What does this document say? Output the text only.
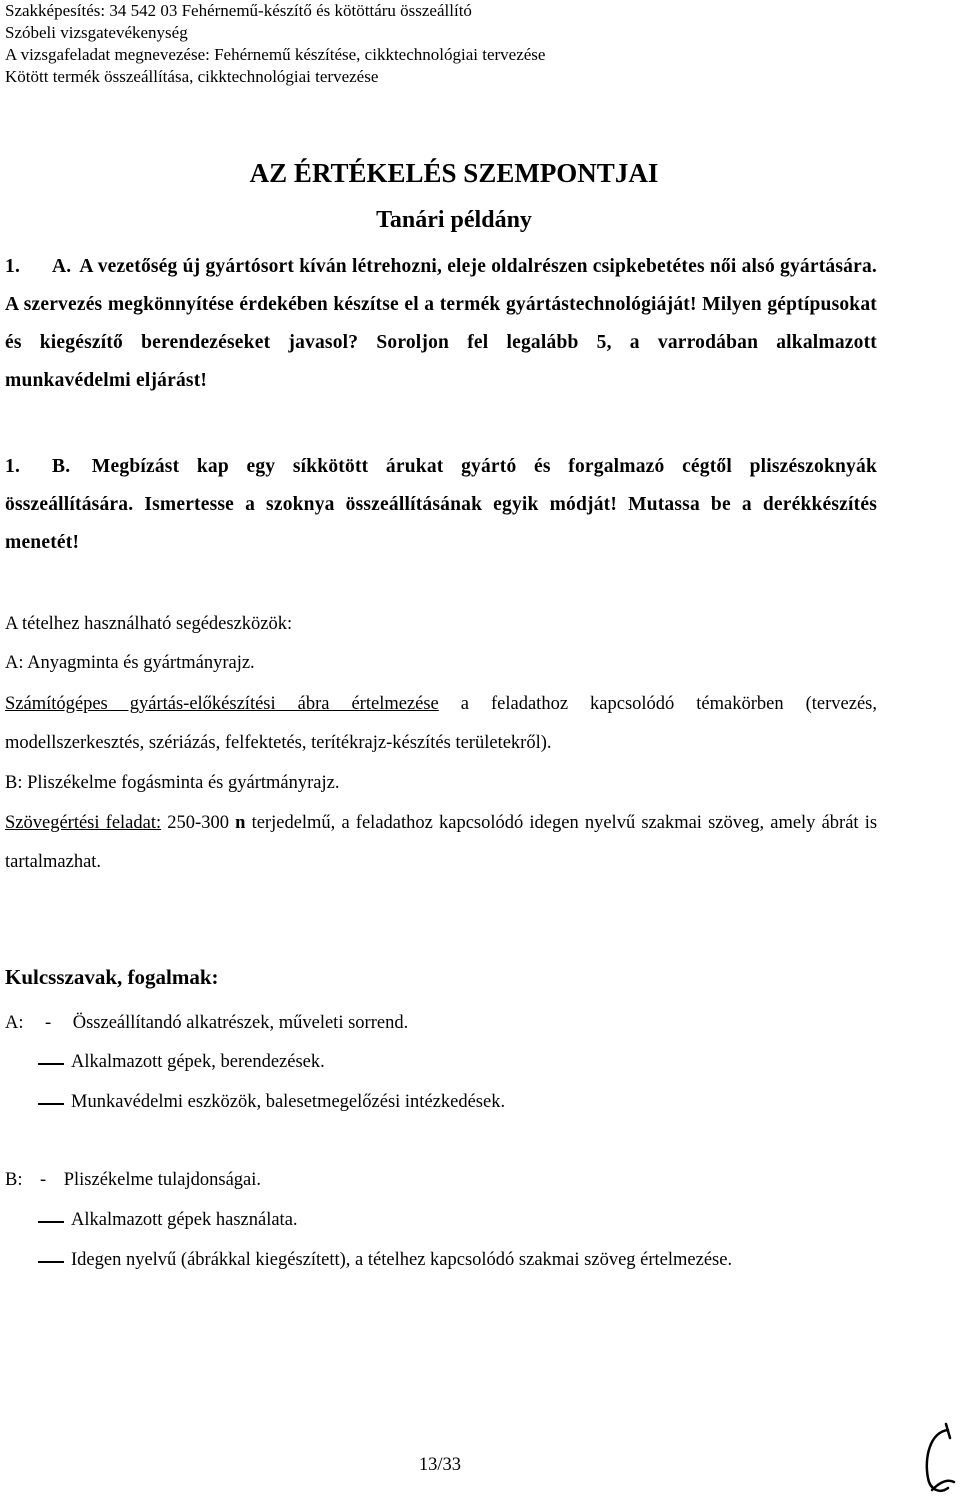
Szakképesítés: 34 542 03 Fehérnemű-készítő és kötöttáru összeállító
Szóbeli vizsgatevékenység
A vizsgafeladat megnevezése: Fehérnemű készítése, cikktechnológiai tervezése
Kötött termék összeállítása, cikktechnológiai tervezése
AZ ÉRTÉKELÉS SZEMPONTJAI
Tanári példány
1. A. A vezetőség új gyártósort kíván létrehozni, eleje oldalrészen csipkebetétes női alsó gyártására. A szervezés megkönnyítése érdekében készítse el a termék gyártástechnológiáját! Milyen géptípusokat és kiegészítő berendezéseket javasol? Soroljon fel legalább 5, a varrodában alkalmazott munkavédelmi eljárást!
1. B. Megbízást kap egy síkkötött árukat gyártó és forgalmazó cégtől pliszészoknyák összeállítására. Ismertesse a szoknya összeállításának egyik módját! Mutassa be a derékkészítés menetét!
A tételhez használható segédeszközök:
A: Anyagminta és gyártmányrajz.
Számítógépes gyártás-előkészítési ábra értelmezése a feladathoz kapcsolódó témakörben (tervezés, modellszerkesztés, szériázás, felfektetés, terítékrajz-készítés területekről).
B: Pliszékelme fogásminta és gyártmányrajz.
Szövegértési feladat: 250-300 n terjedelmű, a feladathoz kapcsolódó idegen nyelvű szakmai szöveg, amely ábrát is tartalmazhat.
Kulcsszavak, fogalmak:
A: - Összeállítandó alkatrészek, műveleti sorrend.
Alkalmazott gépek, berendezések.
Munkavédelmi eszközök, balesetmegelőzési intézkedések.
B: - Pliszékelme tulajdonságai.
Alkalmazott gépek használata.
Idegen nyelvű (ábrákkal kiegészített), a tételhez kapcsolódó szakmai szöveg értelmezése.
13/33
